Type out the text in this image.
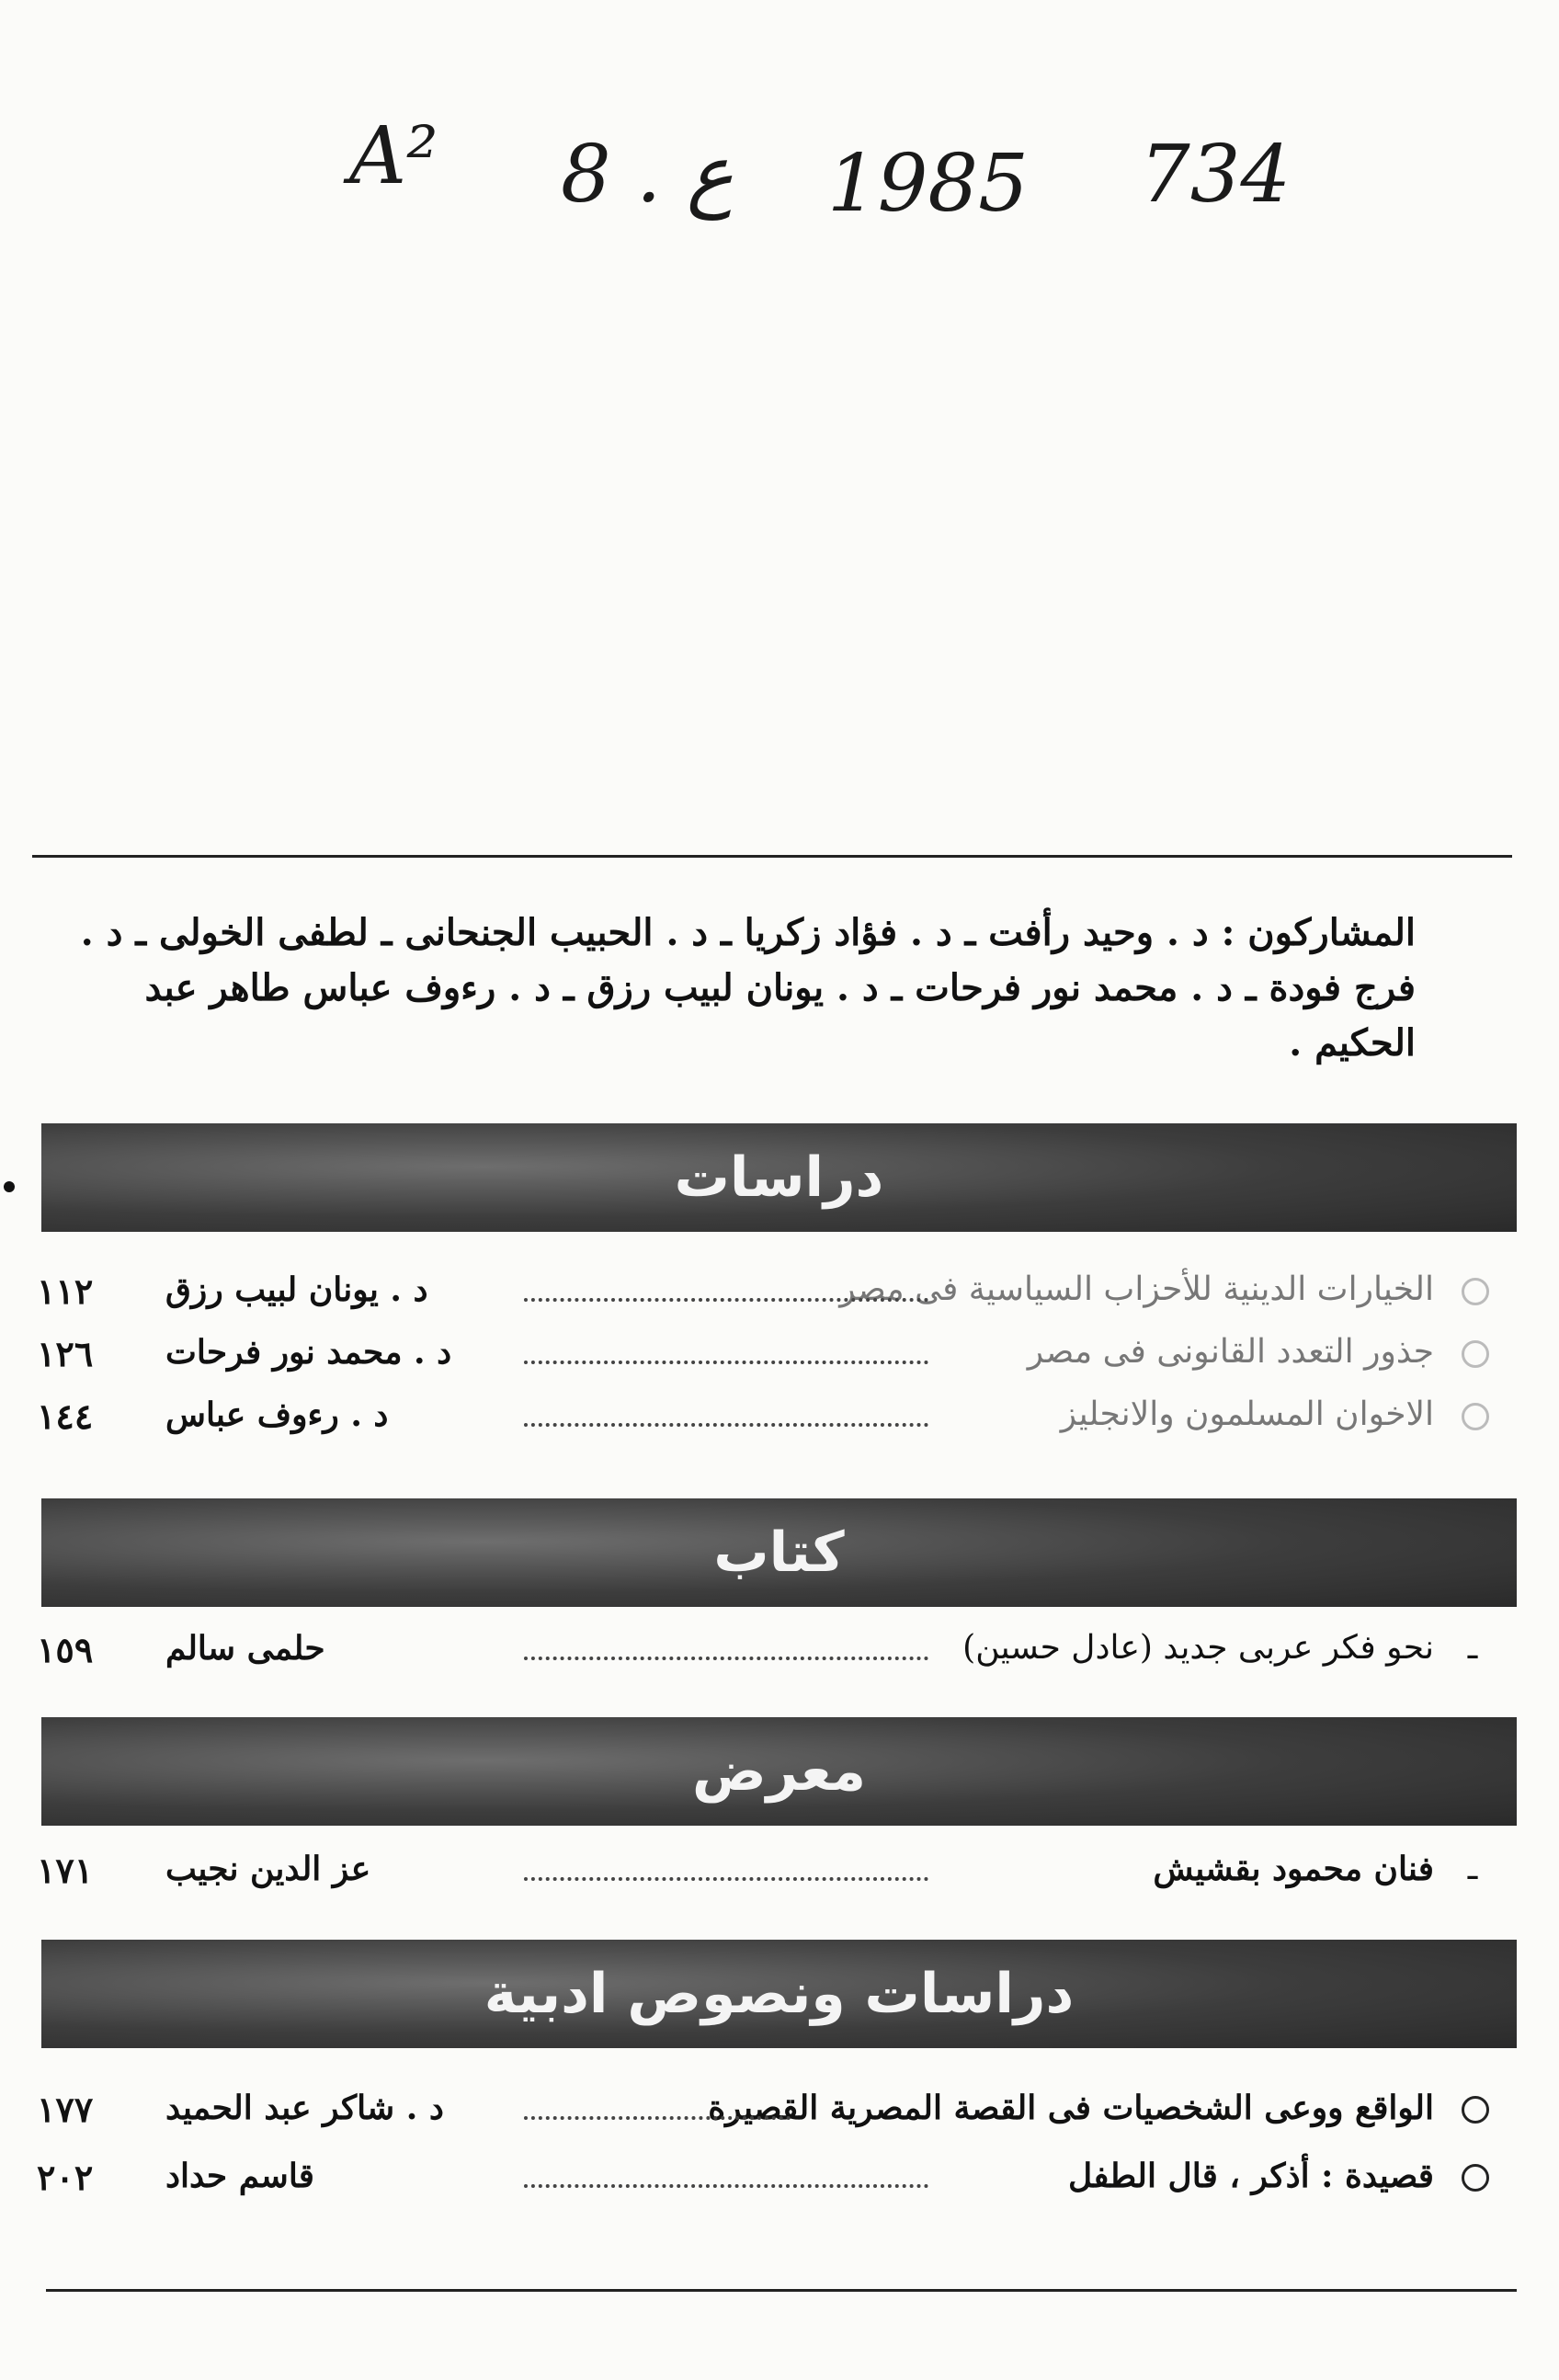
A² 8 . ع 1985 734
المشاركون : د . وحيد رأفت ـ د . فؤاد زكريا ـ د . الحبيب الجنحانى ـ لطفى الخولى ـ د . فرج فودة ـ د . محمد نور فرحات ـ د . يونان لبيب رزق ـ د . رءوف عباس طاهر عبد الحكيم .
دراسات
الخيارات الدينية للأحزاب السياسية فى مصر
د . يونان لبيب رزق
١١٢
جذور التعدد القانونى فى مصر
د . محمد نور فرحات
١٢٦
الاخوان المسلمون والانجليز
د . رءوف عباس
١٤٤
كتاب
ـ
نحو فكر عربى جديد (عادل حسين)
حلمى سالم
١٥٩
معرض
ـ
فنان محمود بقشيش
عز الدين نجيب
١٧١
دراسات ونصوص ادبية
الواقع ووعى الشخصيات فى القصة المصرية القصيرة
د . شاكر عبد الحميد
١٧٧
قصيدة : أذكر ، قال الطفل
قاسم حداد
٢٠٢
